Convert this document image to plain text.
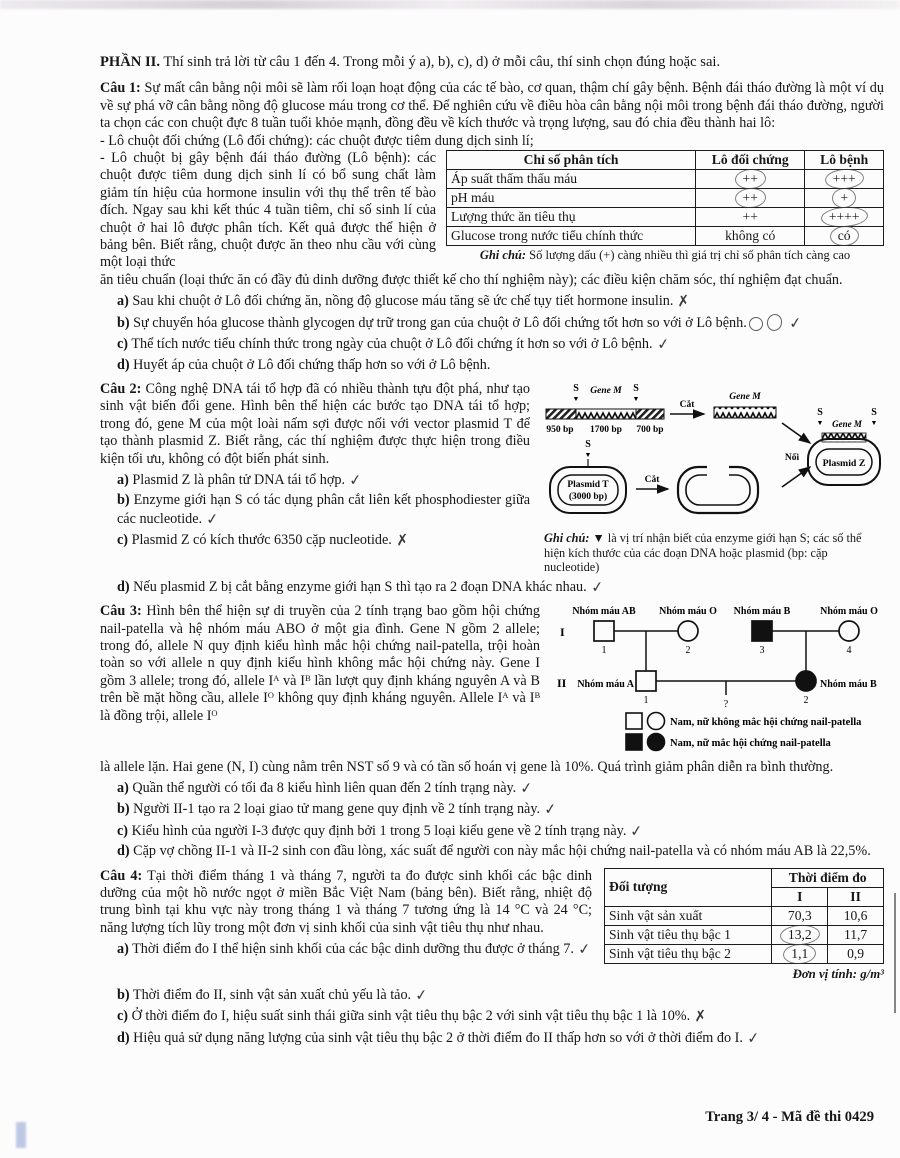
PHẦN II. Thí sinh trả lời từ câu 1 đến 4. Trong mỗi ý a), b), c), d) ở mỗi câu, thí sinh chọn đúng hoặc sai.

Câu 1: Sự mất cân bằng nội môi sẽ làm rối loạn hoạt động của các tế bào, cơ quan, thậm chí gây bệnh. Bệnh đái tháo đường là một ví dụ về sự phá vỡ cân bằng nồng độ glucose máu trong cơ thể. Để nghiên cứu về điều hòa cân bằng nội môi trong bệnh đái tháo đường, người ta chọn các con chuột đực 8 tuần tuổi khỏe mạnh, đồng đều về kích thước và trọng lượng, sau đó chia đều thành hai lô:

- Lô chuột đối chứng (Lô đối chứng): các chuột được tiêm dung dịch sinh lí;

- Lô chuột bị gây bệnh đái tháo đường (Lô bệnh): các chuột được tiêm dung dịch sinh lí có bổ sung chất làm giảm tín hiệu của hormone insulin với thụ thể trên tế bào đích. Ngay sau khi kết thúc 4 tuần tiêm, chỉ số sinh lí của chuột ở hai lô được phân tích. Kết quả được thể hiện ở bảng bên. Biết rằng, chuột được ăn theo nhu cầu với cùng một loại thức

Chỉ số phân tích	Lô đối chứng	Lô bệnh
Áp suất thẩm thấu máu	++	+++
pH máu	++	+
Lượng thức ăn tiêu thụ	++	++++
Glucose trong nước tiểu chính thức	không có	có

Ghi chú: Số lượng dấu (+) càng nhiều thì giá trị chỉ số phân tích càng cao

ăn tiêu chuẩn (loại thức ăn có đầy đủ dinh dưỡng được thiết kế cho thí nghiệm này); các điều kiện chăm sóc, thí nghiệm đạt chuẩn.

a) Sau khi chuột ở Lô đối chứng ăn, nồng độ glucose máu tăng sẽ ức chế tụy tiết hormone insulin. ✗
b) Sự chuyển hóa glucose thành glycogen dự trữ trong gan của chuột ở Lô đối chứng tốt hơn so với ở Lô bệnh.	✓
c) Thể tích nước tiểu chính thức trong ngày của chuột ở Lô đối chứng ít hơn so với ở Lô bệnh. ✓
d) Huyết áp của chuột ở Lô đối chứng thấp hơn so với ở Lô bệnh.

Câu 2: Công nghệ DNA tái tổ hợp đã có nhiều thành tựu đột phá, như tạo sinh vật biến đổi gene. Hình bên thể hiện các bước tạo DNA tái tổ hợp; trong đó, gene M của một loài nấm sợi được nối với vector plasmid T để tạo thành plasmid Z. Biết rằng, các thí nghiệm được thực hiện trong điều kiện tối ưu, không có đột biến phát sinh.

a) Plasmid Z là phân tử DNA tái tổ hợp. ✓
b) Enzyme giới hạn S có tác dụng phân cắt liên kết phosphodiester giữa các nucleotide. ✓
c) Plasmid Z có kích thước 6350 cặp nucleotide. ✗
S
▼
S
▼
Gene M
950 bp 1700 bp 700 bp
Cắt
Gene M
Nối
S
▼
S
▼
Gene M
Plasmid Z
S
▼
Plasmid T
(3000 bp)
Cắt

Ghi chú: ▼ là vị trí nhận biết của enzyme giới hạn S; các số thể hiện kích thước của các đoạn DNA hoặc plasmid (bp: cặp nucleotide)

d) Nếu plasmid Z bị cắt bằng enzyme giới hạn S thì tạo ra 2 đoạn DNA khác nhau. ✓

Câu 3: Hình bên thể hiện sự di truyền của 2 tính trạng bao gồm hội chứng nail-patella và hệ nhóm máu ABO ở một gia đình. Gene N gồm 2 allele; trong đó, allele N quy định kiểu hình mắc hội chứng nail-patella, trội hoàn toàn so với allele n quy định kiểu hình không mắc hội chứng này. Gene I gồm 3 allele; trong đó, allele Iᴬ và Iᴮ lần lượt quy định kháng nguyên A và B trên bề mặt hồng cầu, allele Iᴼ không quy định kháng nguyên. Allele Iᴬ và Iᴮ là đồng trội, allele Iᴼ

I
II
Nhóm máu AB Nhóm máu O Nhóm máu B	Nhóm máu O
1	2	3	4
Nhóm máu A	Nhóm máu B
1	?	2
Nam, nữ không mắc hội chứng nail-patella
Nam, nữ mắc hội chứng nail-patella

là allele lặn. Hai gene (N, I) cùng nằm trên NST số 9 và có tần số hoán vị gene là 10%. Quá trình giảm phân diễn ra bình thường.

a) Quần thể người có tối đa 8 kiểu hình liên quan đến 2 tính trạng này. ✓
b) Người II-1 tạo ra 2 loại giao tử mang gene quy định về 2 tính trạng này. ✓
c) Kiểu hình của người I-3 được quy định bởi 1 trong 5 loại kiểu gene về 2 tính trạng này. ✓
d) Cặp vợ chồng II-1 và II-2 sinh con đầu lòng, xác suất để người con này mắc hội chứng nail-patella và có nhóm máu AB là 22,5%.

Câu 4: Tại thời điểm tháng 1 và tháng 7, người ta đo được sinh khối các bậc dinh dưỡng của một hồ nước ngọt ở miền Bắc Việt Nam (bảng bên). Biết rằng, nhiệt độ trung bình tại khu vực này trong tháng 1 và tháng 7 tương ứng là 14 °C và 24 °C; năng lượng tích lũy trong một đơn vị sinh khối của sinh vật tiêu thụ như nhau.

a) Thời điểm đo I thể hiện sinh khối của các bậc dinh dưỡng thu được ở tháng 7. ✓
Đối tượng	Thời điểm đo	
	I	II
Sinh vật sản xuất	70,3	10,6
Sinh vật tiêu thụ bậc 1	13,2	11,7
Sinh vật tiêu thụ bậc 2	1,1	0,9

Đơn vị tính: g/m³

b) Thời điểm đo II, sinh vật sản xuất chủ yếu là tảo. ✓
c) Ở thời điểm đo I, hiệu suất sinh thái giữa sinh vật tiêu thụ bậc 2 với sinh vật tiêu thụ bậc 1 là 10%. ✗
d) Hiệu quả sử dụng năng lượng của sinh vật tiêu thụ bậc 2 ở thời điểm đo II thấp hơn so với ở thời điểm đo I. ✓
Trang 3/ 4 - Mã đề thi 0429
